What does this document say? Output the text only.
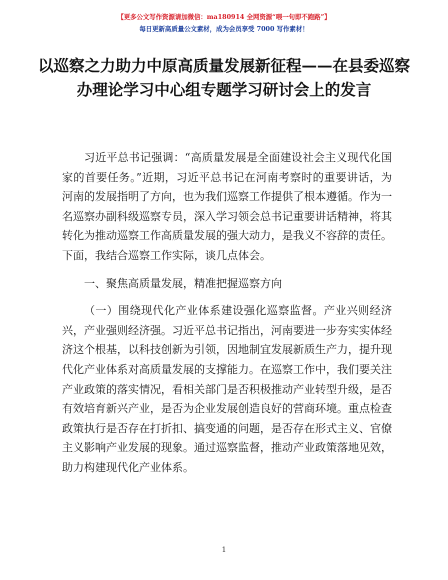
【更多公文写作资源请加微信：ma180914 全网资源“喂一句即不跑路”】
每日更新高质量公文素材，成为会员享受 7000 写作素材！
以巡察之力助力中原高质量发展新征程——在县委巡察办理论学习中心组专题学习研讨会上的发言

习近平总书记强调：“高质量发展是全面建设社会主义现代化国家的首要任务。”近期，习近平总书记在河南考察时的重要讲话，为河南的发展指明了方向，也为我们巡察工作提供了根本遵循。作为一名巡察办副科级巡察专员，深入学习领会总书记重要讲话精神，将其转化为推动巡察工作高质量发展的强大动力，是我义不容辞的责任。下面，我结合巡察工作实际，谈几点体会。

一、聚焦高质量发展，精准把握巡察方向

（一）围绕现代化产业体系建设强化巡察监督。产业兴则经济兴，产业强则经济强。习近平总书记指出，河南要进一步夯实实体经济这个根基，以科技创新为引领，因地制宜发展新质生产力，提升现代化产业体系对高质量发展的支撑能力。在巡察工作中，我们要关注产业政策的落实情况，看相关部门是否积极推动产业转型升级，是否有效培育新兴产业，是否为企业发展创造良好的营商环境。重点检查政策执行是否存在打折扣、搞变通的问题，是否存在形式主义、官僚主义影响产业发展的现象。通过巡察监督，推动产业政策落地见效，助力构建现代化产业体系。

1
